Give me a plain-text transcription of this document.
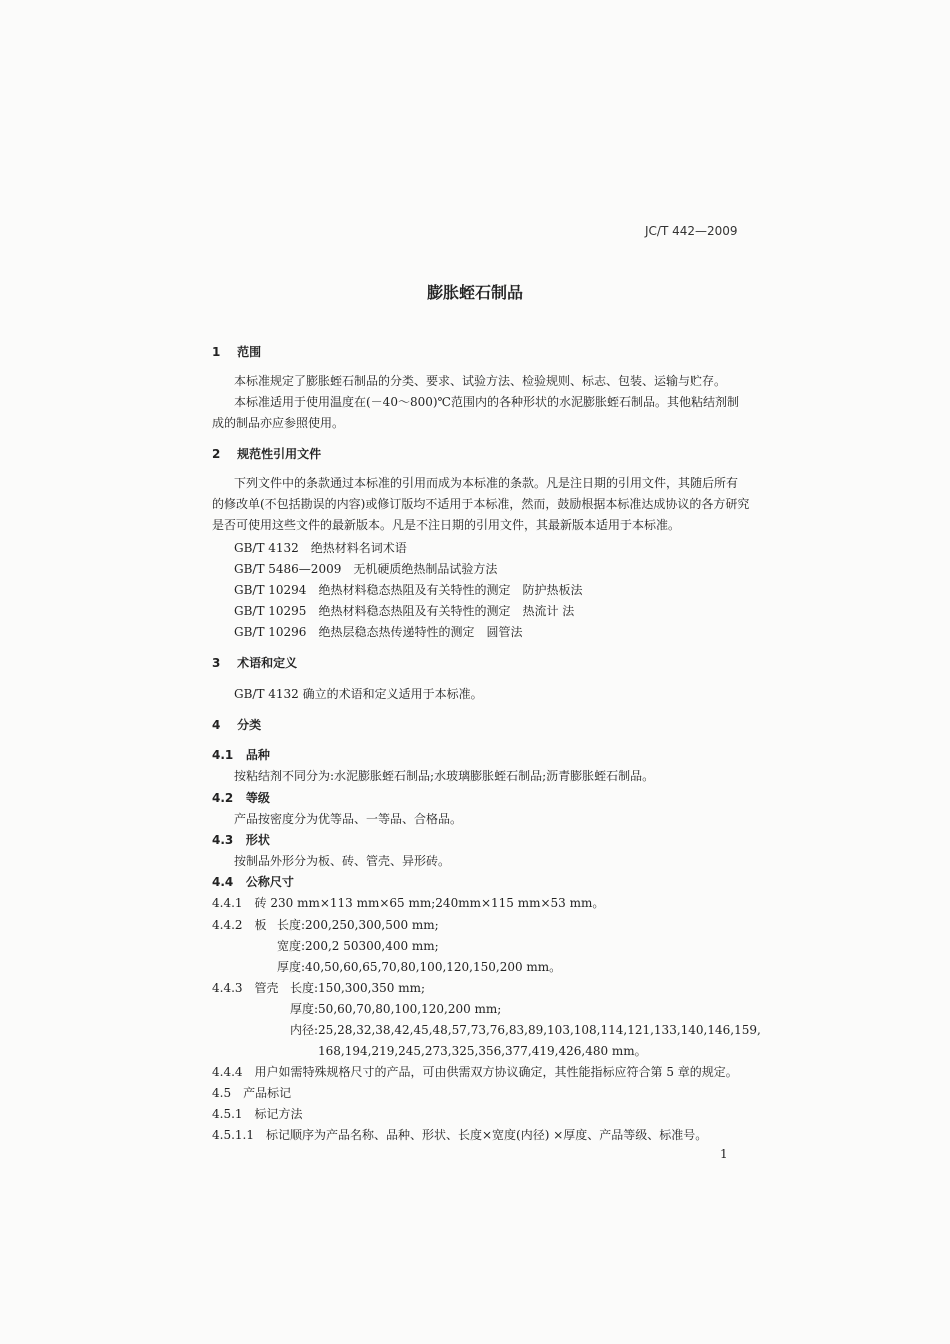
JC/T 442—2009
膨胀蛭石制品
1 范围
本标准规定了膨胀蛭石制品的分类、要求、试验方法、检验规则、标志、包装、运输与贮存。
本标准适用于使用温度在(－40～800)℃范围内的各种形状的水泥膨胀蛭石制品。其他粘结剂制
成的制品亦应参照使用。
2 规范性引用文件
下列文件中的条款通过本标准的引用而成为本标准的条款。凡是注日期的引用文件，其随后所有
的修改单(不包括勘误的内容)或修订版均不适用于本标准，然而，鼓励根据本标准达成协议的各方研究
是否可使用这些文件的最新版本。凡是不注日期的引用文件，其最新版本适用于本标准。
GB/T 4132　绝热材料名词术语
GB/T 5486—2009　无机硬质绝热制品试验方法
GB/T 10294　绝热材料稳态热阻及有关特性的测定　防护热板法
GB/T 10295　绝热材料稳态热阻及有关特性的测定　热流计 法
GB/T 10296　绝热层稳态热传递特性的测定　圆管法
3 术语和定义
GB/T 4132 确立的术语和定义适用于本标准。
4 分类
4.1 品种
按粘结剂不同分为:水泥膨胀蛭石制品;水玻璃膨胀蛭石制品;沥青膨胀蛭石制品。
4.2 等级
产品按密度分为优等品、一等品、合格品。
4.3 形状
按制品外形分为板、砖、管壳、异形砖。
4.4 公称尺寸
4.4.1　砖 230 mm×113 mm×65 mm;240mm×115 mm×53 mm。
4.4.2　板 长度:200,250,300,500 mm;
宽度:200,2 50300,400 mm;
厚度:40,50,60,65,70,80,100,120,150,200 mm。
4.4.3　管壳 长度:150,300,350 mm;
厚度:50,60,70,80,100,120,200 mm;
内径:25,28,32,38,42,45,48,57,73,76,83,89,103,108,114,121,133,140,146,159,
168,194,219,245,273,325,356,377,419,426,480 mm。
4.4.4　用户如需特殊规格尺寸的产品，可由供需双方协议确定，其性能指标应符合第 5 章的规定。
4.5　产品标记
4.5.1　标记方法
4.5.1.1　标记顺序为产品名称、品种、形状、长度×宽度(内径) ×厚度、产品等级、标准号。
1
